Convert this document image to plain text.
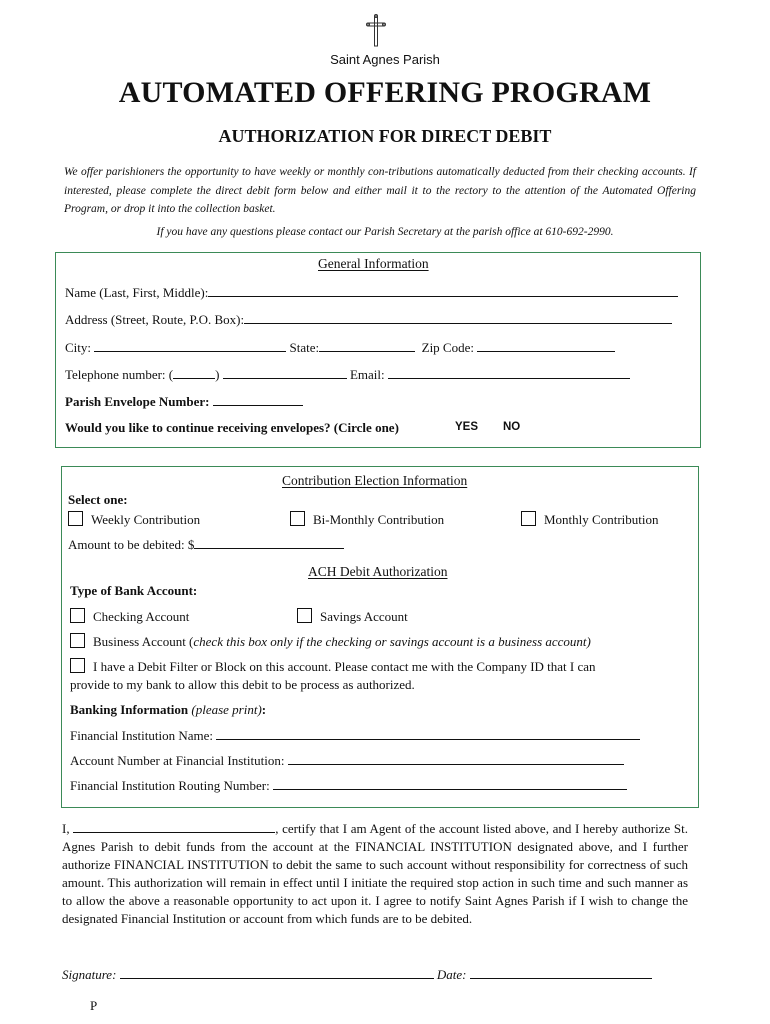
Saint Agnes Parish
AUTOMATED OFFERING PROGRAM
AUTHORIZATION FOR DIRECT DEBIT
We offer parishioners the opportunity to have weekly or monthly con-tributions automatically deducted from their checking accounts. If interested, please complete the direct debit form below and either mail it to the rectory to the attention of the Automated Offering Program, or drop it into the collection basket.
If you have any questions please contact our Parish Secretary at the parish office at 610-692-2990.
General Information
Name (Last, First, Middle):
Address (Street, Route, P.O. Box):
City:	State:	Zip Code:
Telephone number: (	)	Email:
Parish Envelope Number:
Would you like to continue receiving envelopes? (Circle one)	YES NO
Contribution Election Information
Select one:
Weekly Contribution	Bi-Monthly Contribution	Monthly Contribution
Amount to be debited: $
ACH Debit Authorization
Type of Bank Account:
Checking Account	Savings Account
Business Account (check this box only if the checking or savings account is a business account)
I have a Debit Filter or Block on this account. Please contact me with the Company ID that I can
provide to my bank to allow this debit to be process as authorized.
Banking Information (please print):
Financial Institution Name:
Account Number at Financial Institution:
Financial Institution Routing Number:
I,	, certify that I am Agent of the account listed above, and I hereby authorize St. Agnes Parish to debit funds from the account at the FINANCIAL INSTITUTION designated above, and I further authorize FINANCIAL INSTITUTION to debit the same to such account without responsibility for correctness of such amount. This authorization will remain in effect until I initiate the required stop action in such time and such manner as to allow the above a reasonable opportunity to act upon it. I agree to notify Saint Agnes Parish if I wish to change the designated Financial Institution or account from which funds are to be debited.
Signature:	Date:
P
